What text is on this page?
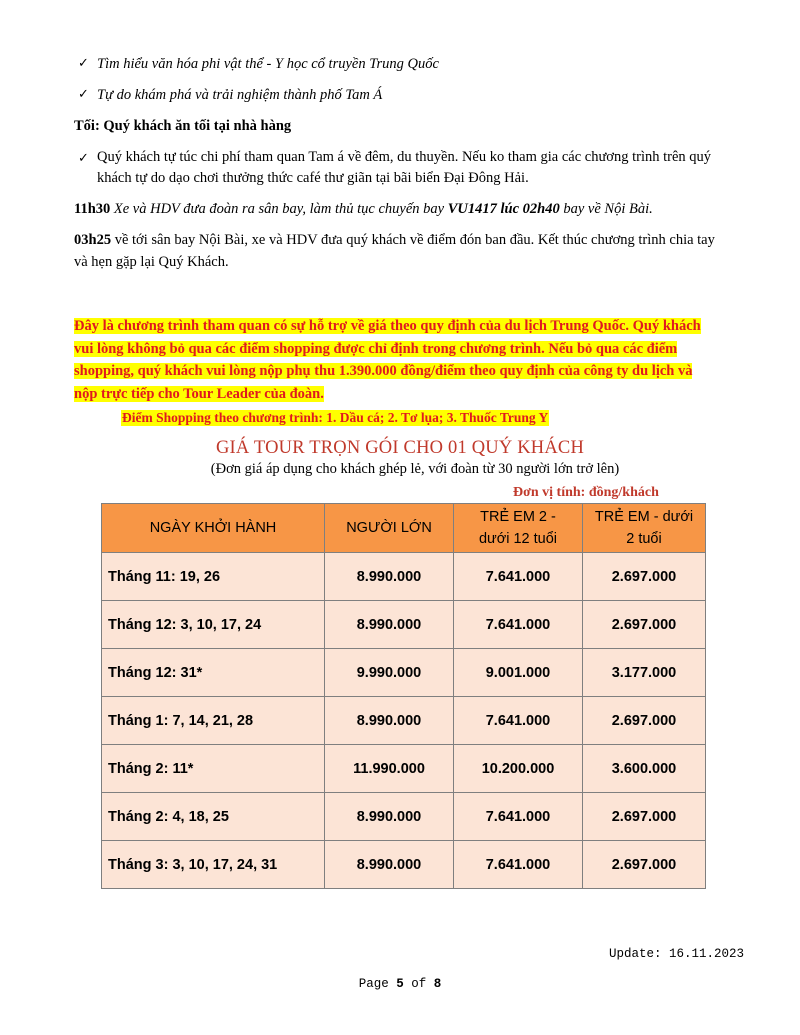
✓ Tìm hiểu văn hóa phi vật thể - Y học cổ truyền Trung Quốc
✓ Tự do khám phá và trải nghiệm thành phố Tam Á
Tối: Quý khách ăn tối tại nhà hàng
✓ Quý khách tự túc chi phí tham quan Tam á về đêm, du thuyền. Nếu ko tham gia các chương trình trên quý
khách tự do dạo chơi thưởng thức café thư giãn tại bãi biển Đại Đông Hải.
11h30 Xe và HDV đưa đoàn ra sân bay, làm thủ tục chuyến bay VU1417 lúc 02h40 bay về Nội Bài.
03h25 về tới sân bay Nội Bài, xe và HDV đưa quý khách về điểm đón ban đầu. Kết thúc chương trình chia tay
và hẹn gặp lại Quý Khách.
Đây là chương trình tham quan có sự hỗ trợ về giá theo quy định của du lịch Trung Quốc. Quý khách
vui lòng không bỏ qua các điểm shopping được chỉ định trong chương trình. Nếu bỏ qua các điểm
shopping, quý khách vui lòng nộp phụ thu 1.390.000 đồng/điểm theo quy định của công ty du lịch và
nộp trực tiếp cho Tour Leader của đoàn.
Điểm Shopping theo chương trình: 1. Dầu cá; 2. Tơ lụa; 3. Thuốc Trung Y
GIÁ TOUR TRỌN GÓI CHO 01 QUÝ KHÁCH
(Đơn giá áp dụng cho khách ghép lẻ, với đoàn từ 30 người lớn trở lên)
Đơn vị tính: đồng/khách
NGÀY KHỞI HÀNH	NGƯỜI LỚN	TRẺ EM 2 -
dưới 12 tuổi	TRẺ EM - dưới
2 tuổi
Tháng 11: 19, 26	8.990.000	7.641.000	2.697.000
Tháng 12: 3, 10, 17, 24	8.990.000	7.641.000	2.697.000
Tháng 12: 31*	9.990.000	9.001.000	3.177.000
Tháng 1: 7, 14, 21, 28	8.990.000	7.641.000	2.697.000
Tháng 2: 11*	11.990.000	10.200.000	3.600.000
Tháng 2: 4, 18, 25	8.990.000	7.641.000	2.697.000
Tháng 3: 3, 10, 17, 24, 31	8.990.000	7.641.000	2.697.000
Update: 16.11.2023
Page 5 of 8
